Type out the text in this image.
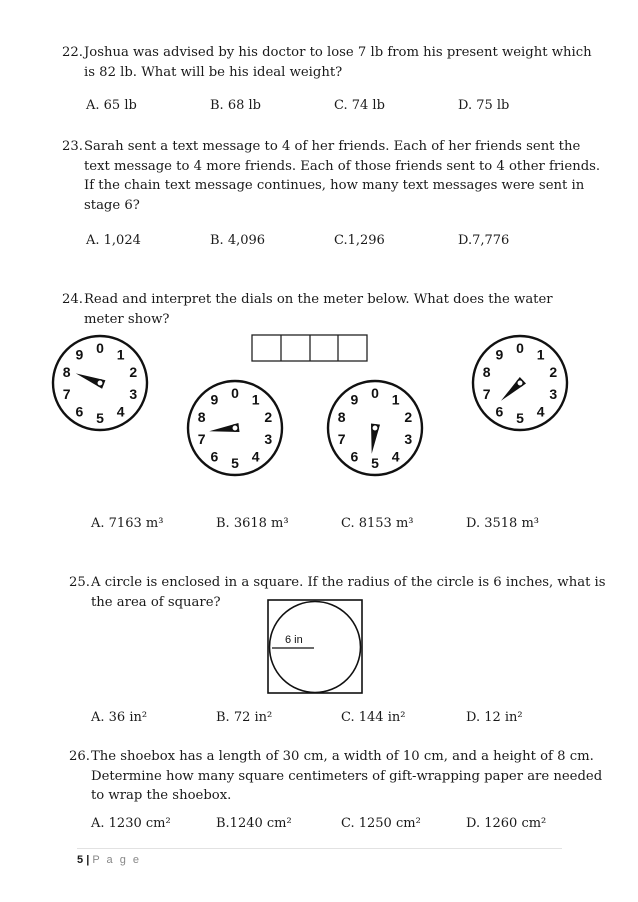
22. Joshua was advised by his doctor to lose 7 lb from his present weight which
is 82 lb. What will be his ideal weight?
A. 65 lb	B. 68 lb	C. 74 lb	D. 75 lb
23. Sarah sent a text message to 4 of her friends. Each of her friends sent the
text message to 4 more friends. Each of those friends sent to 4 other friends.
If the chain text message continues, how many text messages were sent in
stage 6?
A. 1,024	B. 4,096	C.1,296	D.7,776
24. Read and interpret the dials on the meter below. What does the water
meter show?
0 1
2
3
4
5
6
7
8
9
0 1
2
3
4
5
6
7
8
9	0 1
2
3
4
5
6
7
8
9
0 1
2
3
4
5
6
7
8
9
A. 7163 m³	B. 3618 m³	C. 8153 m³	D. 3518 m³
25. A circle is enclosed in a square. If the radius of the circle is 6 inches, what is
the area of square?
6 in
A. 36 in²	B. 72 in²	C. 144 in²	D. 12 in²
26. The shoebox has a length of 30 cm, a width of 10 cm, and a height of 8 cm.
Determine how many square centimeters of gift-wrapping paper are needed
to wrap the shoebox.
A. 1230 cm²	B.1240 cm²	C. 1250 cm²	D. 1260 cm²
5 | P a g e
